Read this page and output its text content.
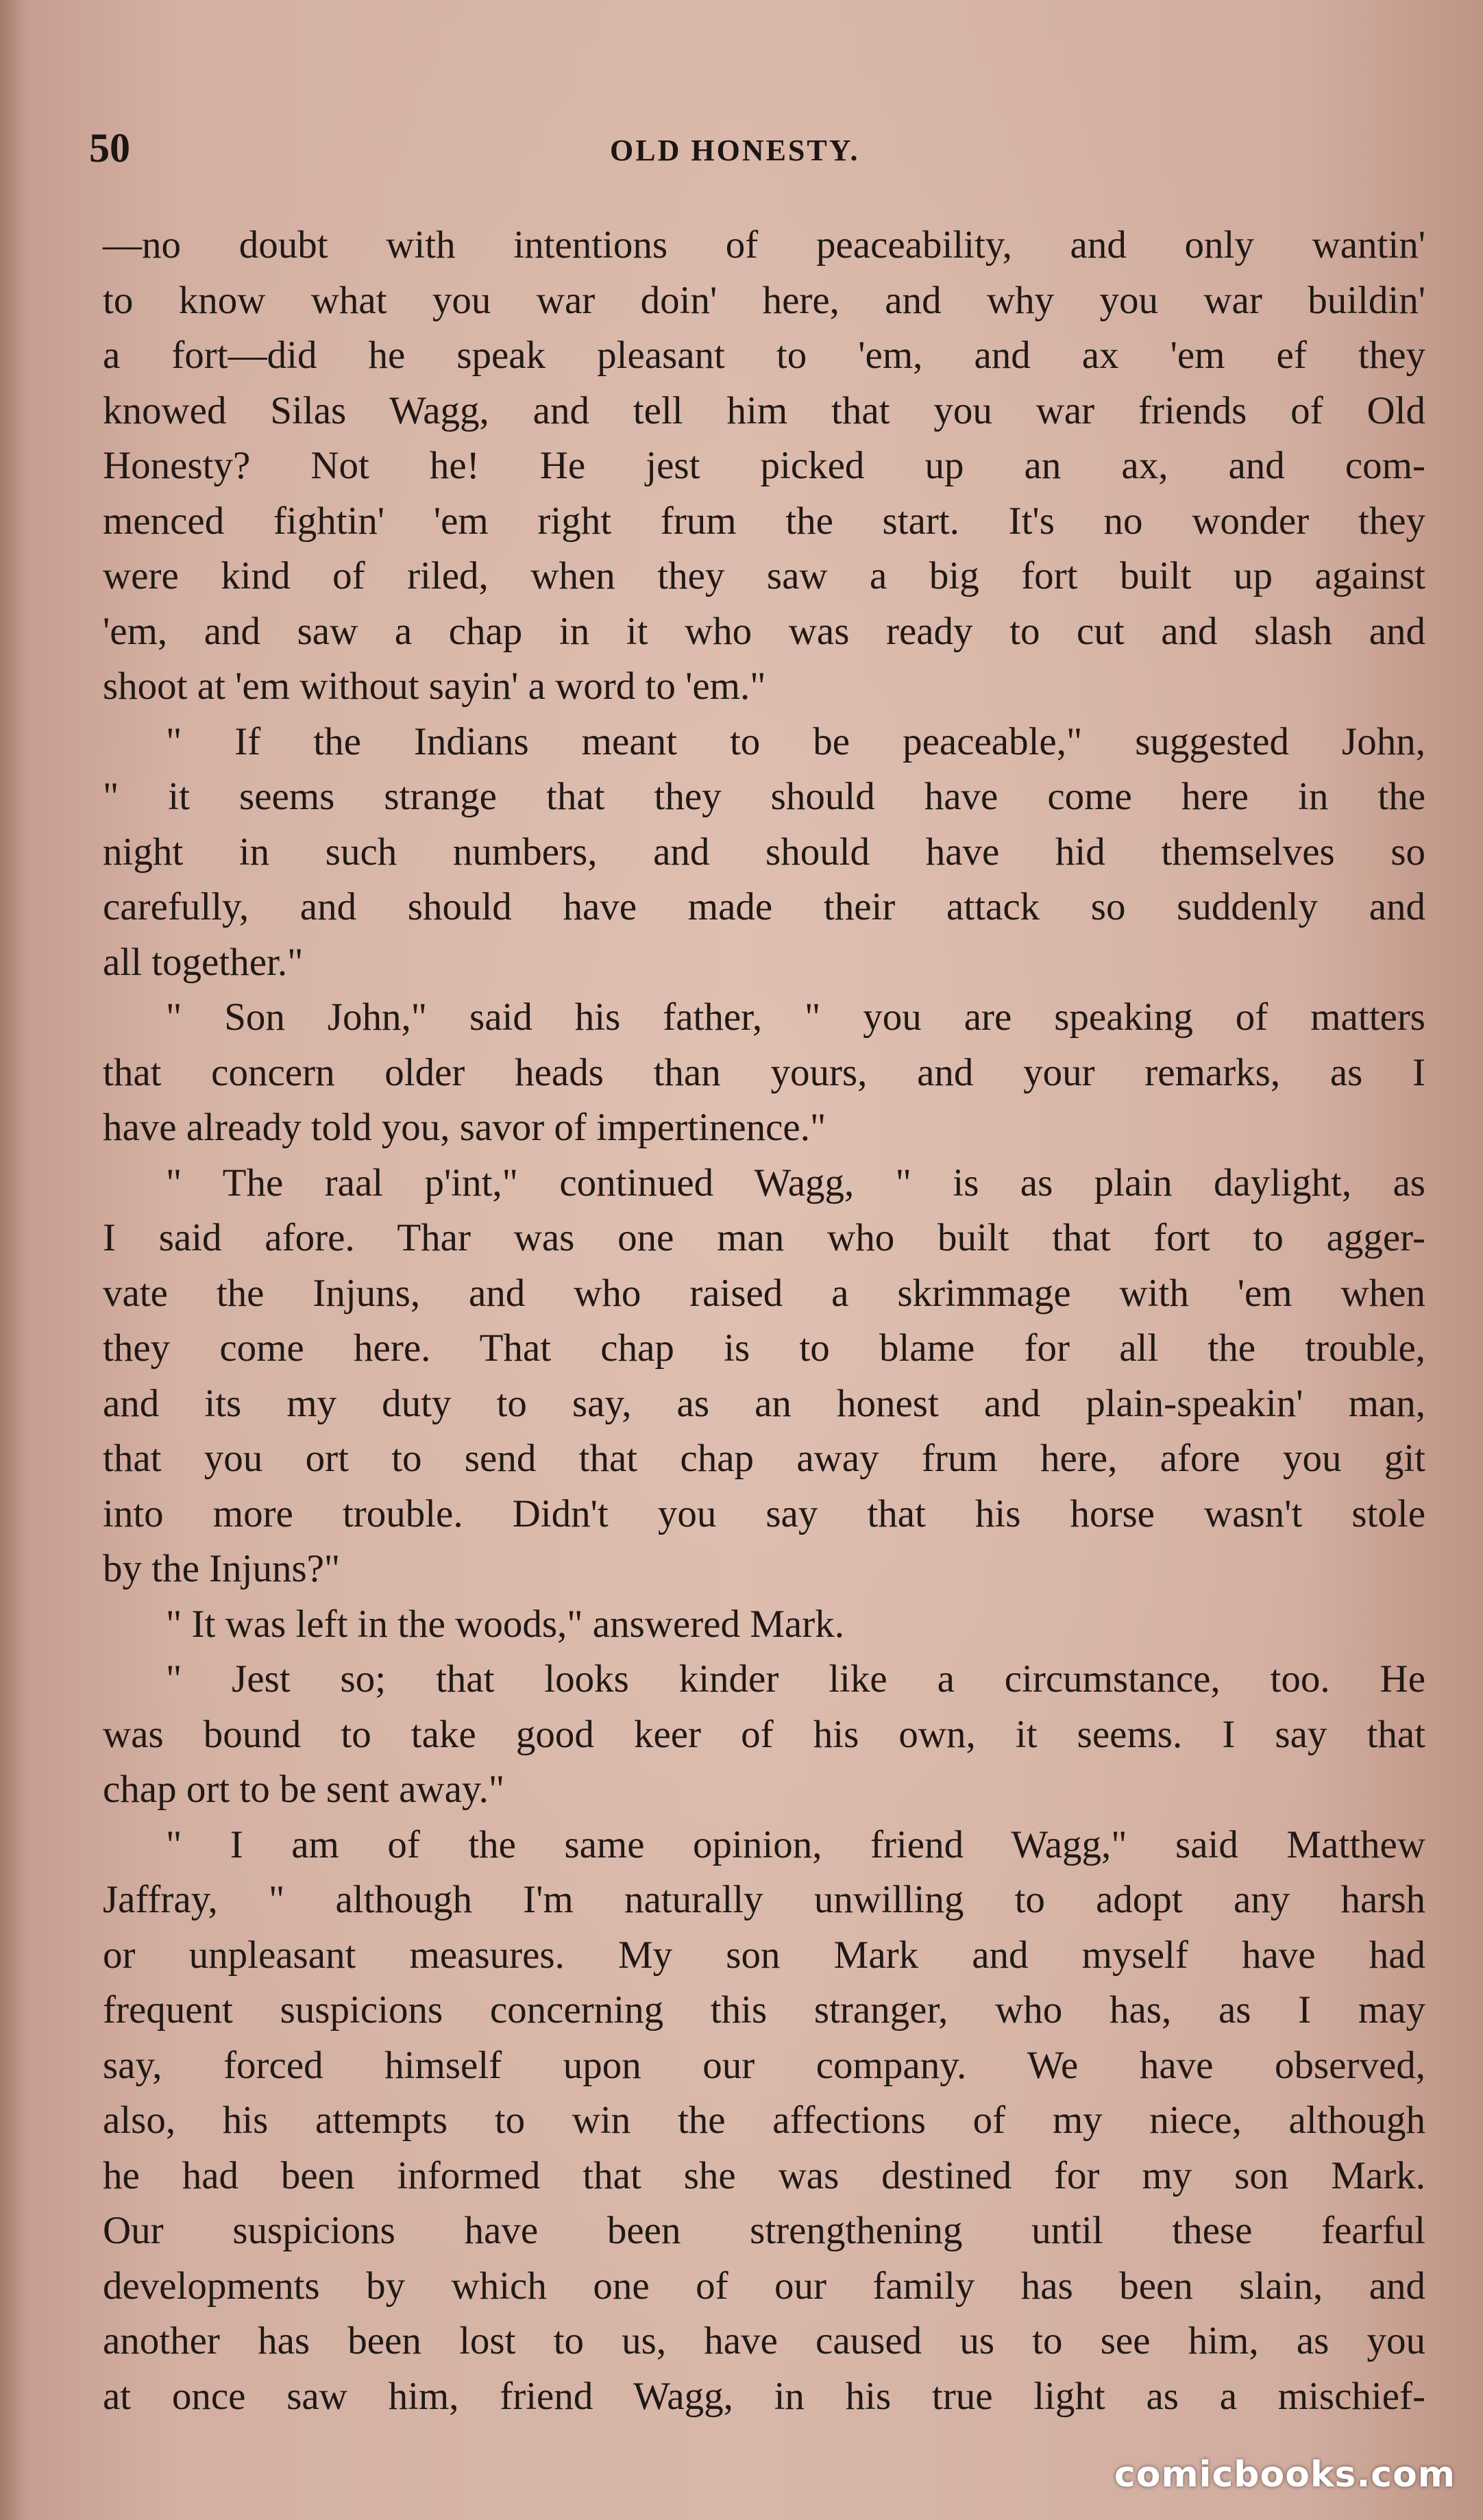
50	OLD HONESTY.
—no doubt with intentions of peaceability, and only wantin'
to know what you war doin' here, and why you war buildin'
a fort—did he speak pleasant to 'em, and ax 'em ef they
knowed Silas Wagg, and tell him that you war friends of Old
Honesty? Not he! He jest picked up an ax, and com-
menced fightin' 'em right frum the start. It's no wonder they
were kind of riled, when they saw a big fort built up against
'em, and saw a chap in it who was ready to cut and slash and
shoot at 'em without sayin' a word to 'em."
" If the Indians meant to be peaceable," suggested John,
" it seems strange that they should have come here in the
night in such numbers, and should have hid themselves so
carefully, and should have made their attack so suddenly and
all together."
" Son John," said his father, " you are speaking of matters
that concern older heads than yours, and your remarks, as I
have already told you, savor of impertinence."
" The raal p'int," continued Wagg, " is as plain daylight, as
I said afore. Thar was one man who built that fort to agger-
vate the Injuns, and who raised a skrimmage with 'em when
they come here. That chap is to blame for all the trouble,
and its my duty to say, as an honest and plain-speakin' man,
that you ort to send that chap away frum here, afore you git
into more trouble. Didn't you say that his horse wasn't stole
by the Injuns?"
" It was left in the woods," answered Mark.
" Jest so; that looks kinder like a circumstance, too. He
was bound to take good keer of his own, it seems. I say that
chap ort to be sent away."
" I am of the same opinion, friend Wagg," said Matthew
Jaffray, " although I'm naturally unwilling to adopt any harsh
or unpleasant measures. My son Mark and myself have had
frequent suspicions concerning this stranger, who has, as I may
say, forced himself upon our company. We have observed,
also, his attempts to win the affections of my niece, although
he had been informed that she was destined for my son Mark.
Our suspicions have been strengthening until these fearful
developments by which one of our family has been slain, and
another has been lost to us, have caused us to see him, as you
at once saw him, friend Wagg, in his true light as a mischief-
comicbooks.com
